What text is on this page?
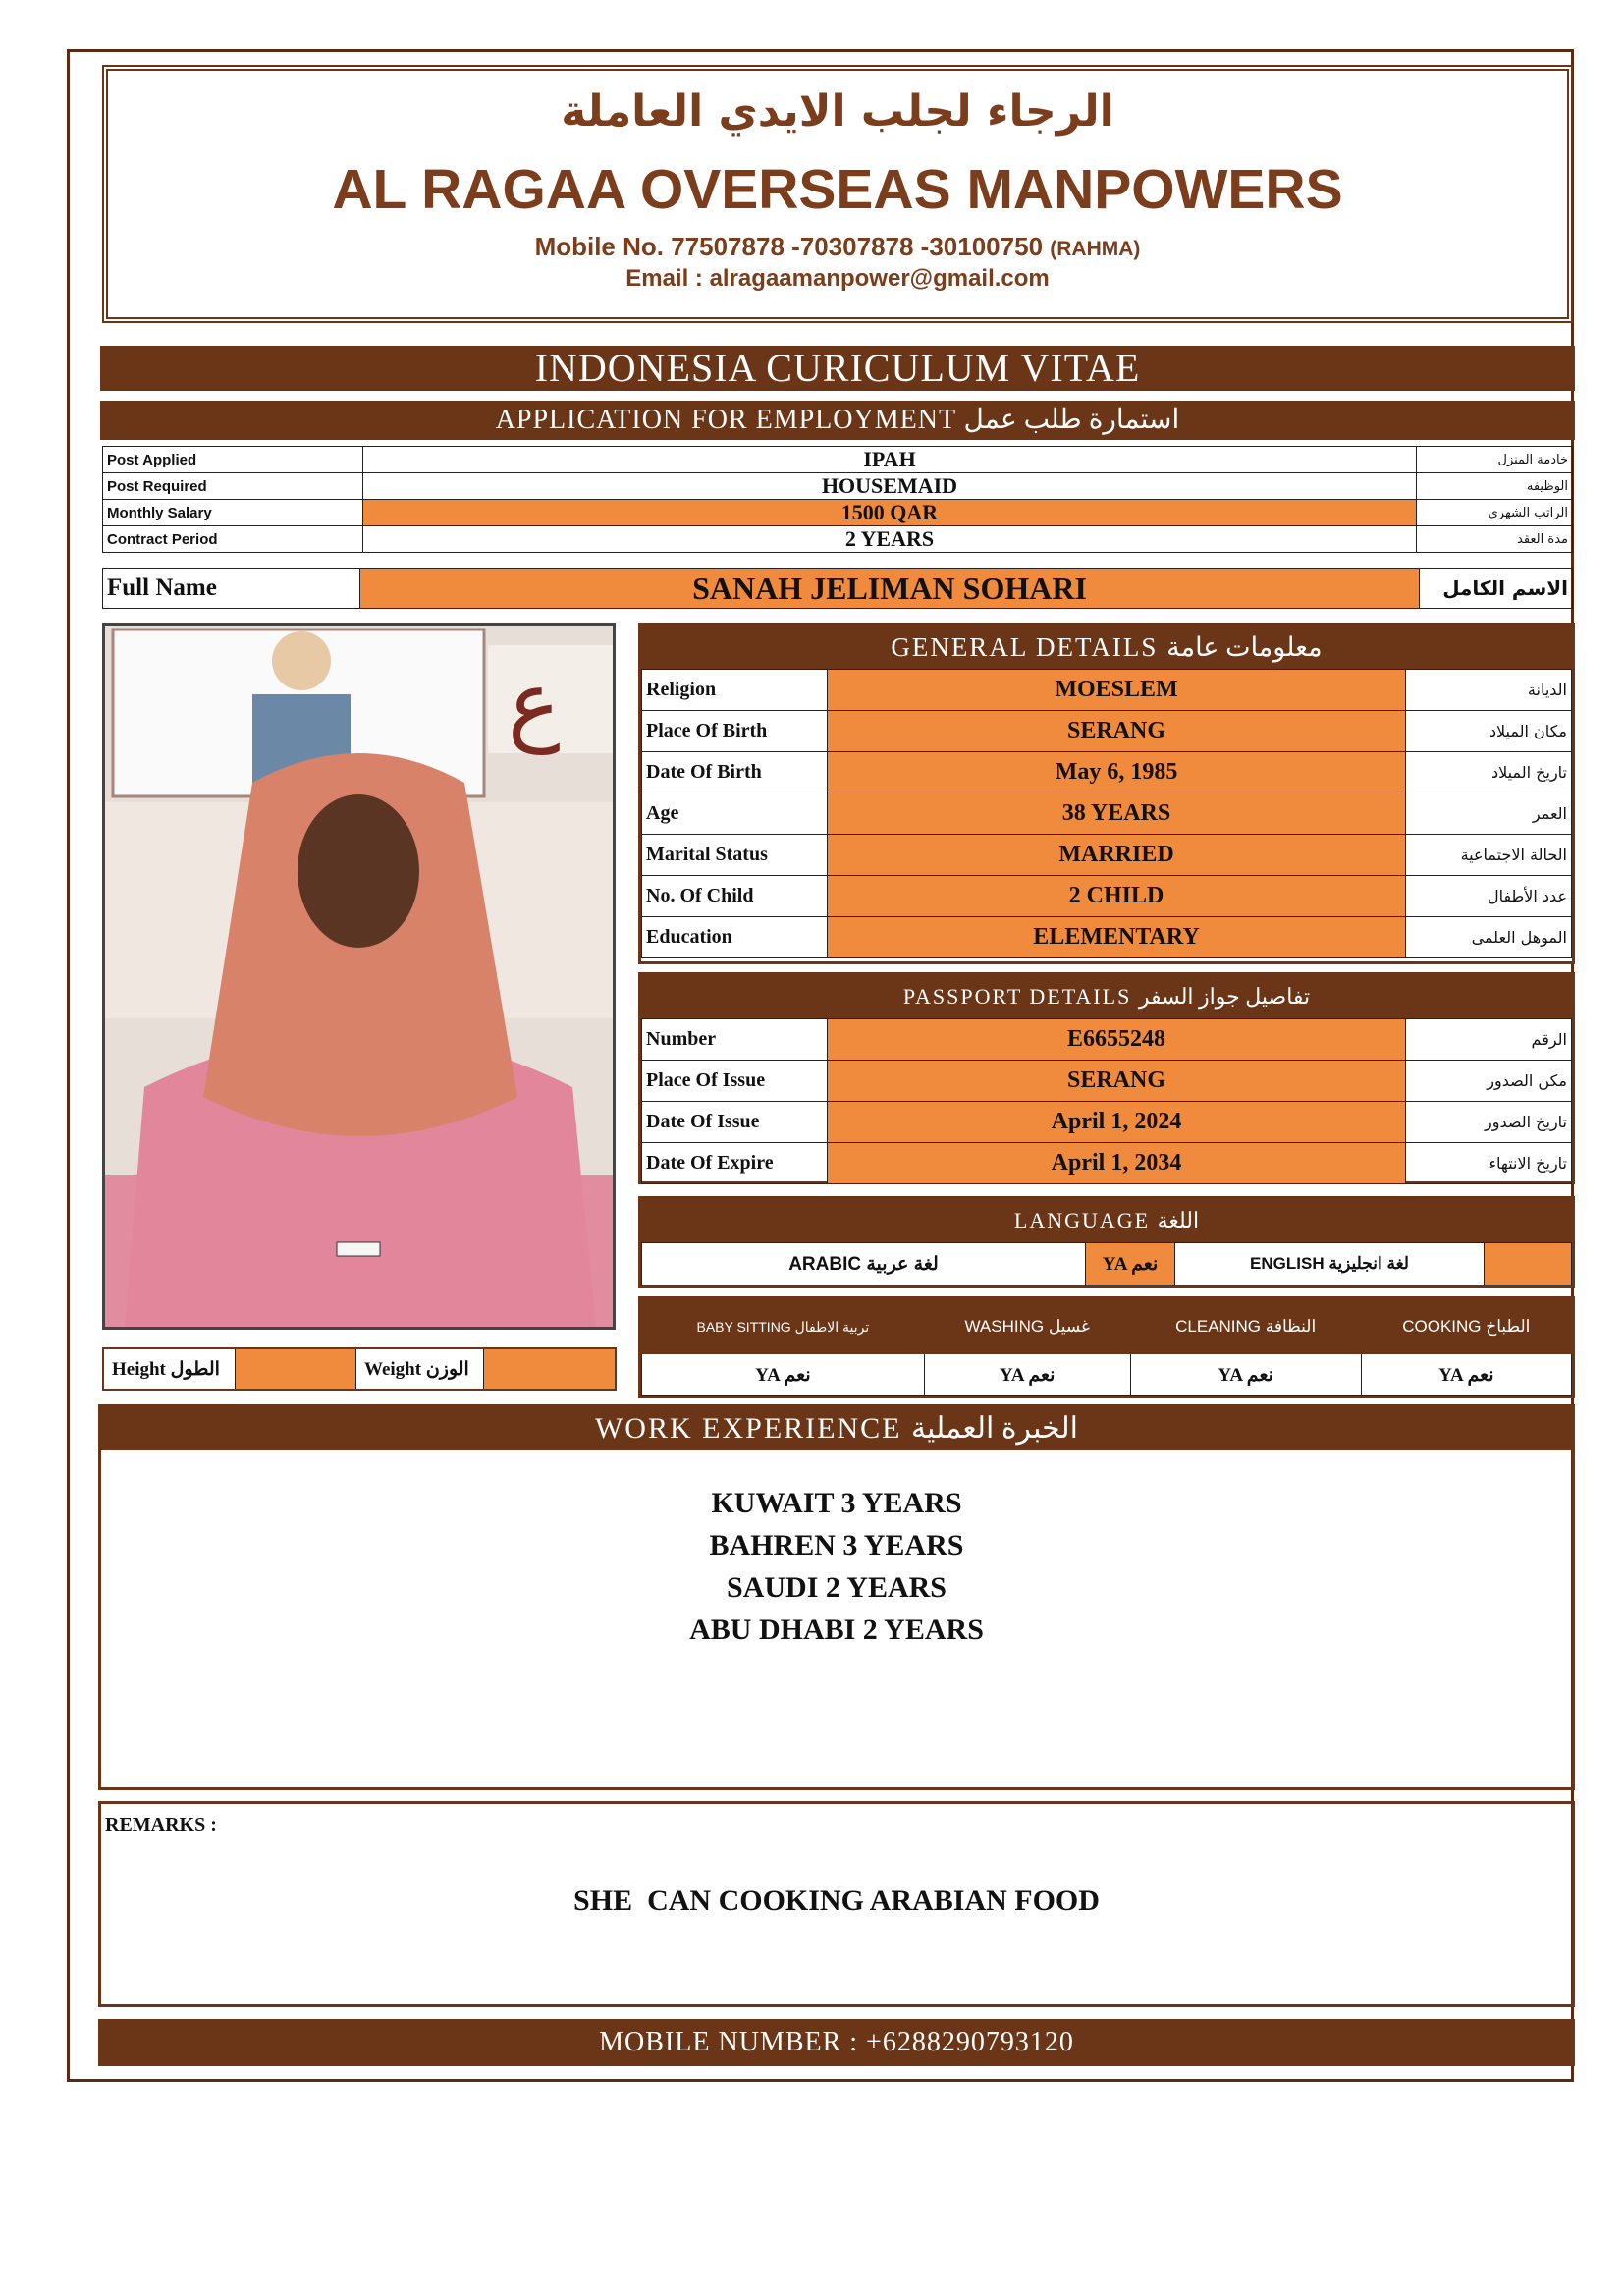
الرجاء لجلب الايدي العاملة
AL RAGAA OVERSEAS MANPOWERS
Mobile No. 77507878 -70307878 -30100750 (RAHMA)
Email : alragaamanpower@gmail.com
INDONESIA CURICULUM VITAE
APPLICATION FOR EMPLOYMENT استمارة طلب عمل
Post Applied	IPAH	خادمة المنزل
Post Required	HOUSEMAID	الوظيفه
Monthly Salary	1500 QAR	الراتب الشهري
Contract Period	2 YEARS	مدة العقد
Full Name	SANAH JELIMAN SOHARI	الاسم الكامل
ع
GENERAL DETAILS معلومات عامة
Religion	MOESLEM	الديانة
Place Of Birth	SERANG	مكان الميلاد
Date Of Birth	May 6, 1985	تاريخ الميلاد
Age	38 YEARS	العمر
Marital Status	MARRIED	الحالة الاجتماعية
No. Of Child	2 CHILD	عدد الأطفال
Education	ELEMENTARY	الموهل العلمى
PASSPORT DETAILS تفاصيل جواز السفر
Number	E6655248	الرقم
Place Of Issue	SERANG	مكن الصدور
Date Of Issue	April 1, 2024	تاريخ الصدور
Date Of Expire	April 1, 2034	تاريخ الانتهاء
LANGUAGE اللغة
ARABIC لغة عربية	YA نعم	ENGLISH لغة انجليزية	
BABY SITTING تربية الاطفال	WASHING غسيل	CLEANING النظافة	COOKING الطباخ
YA نعم	YA نعم	YA نعم	YA نعم
Height الطول		Weight الوزن	
WORK EXPERIENCE الخبرة العملية
KUWAIT 3 YEARS
BAHREN 3 YEARS
SAUDI 2 YEARS
ABU DHABI 2 YEARS
REMARKS :
SHE  CAN COOKING ARABIAN FOOD
MOBILE NUMBER : +6288290793120
